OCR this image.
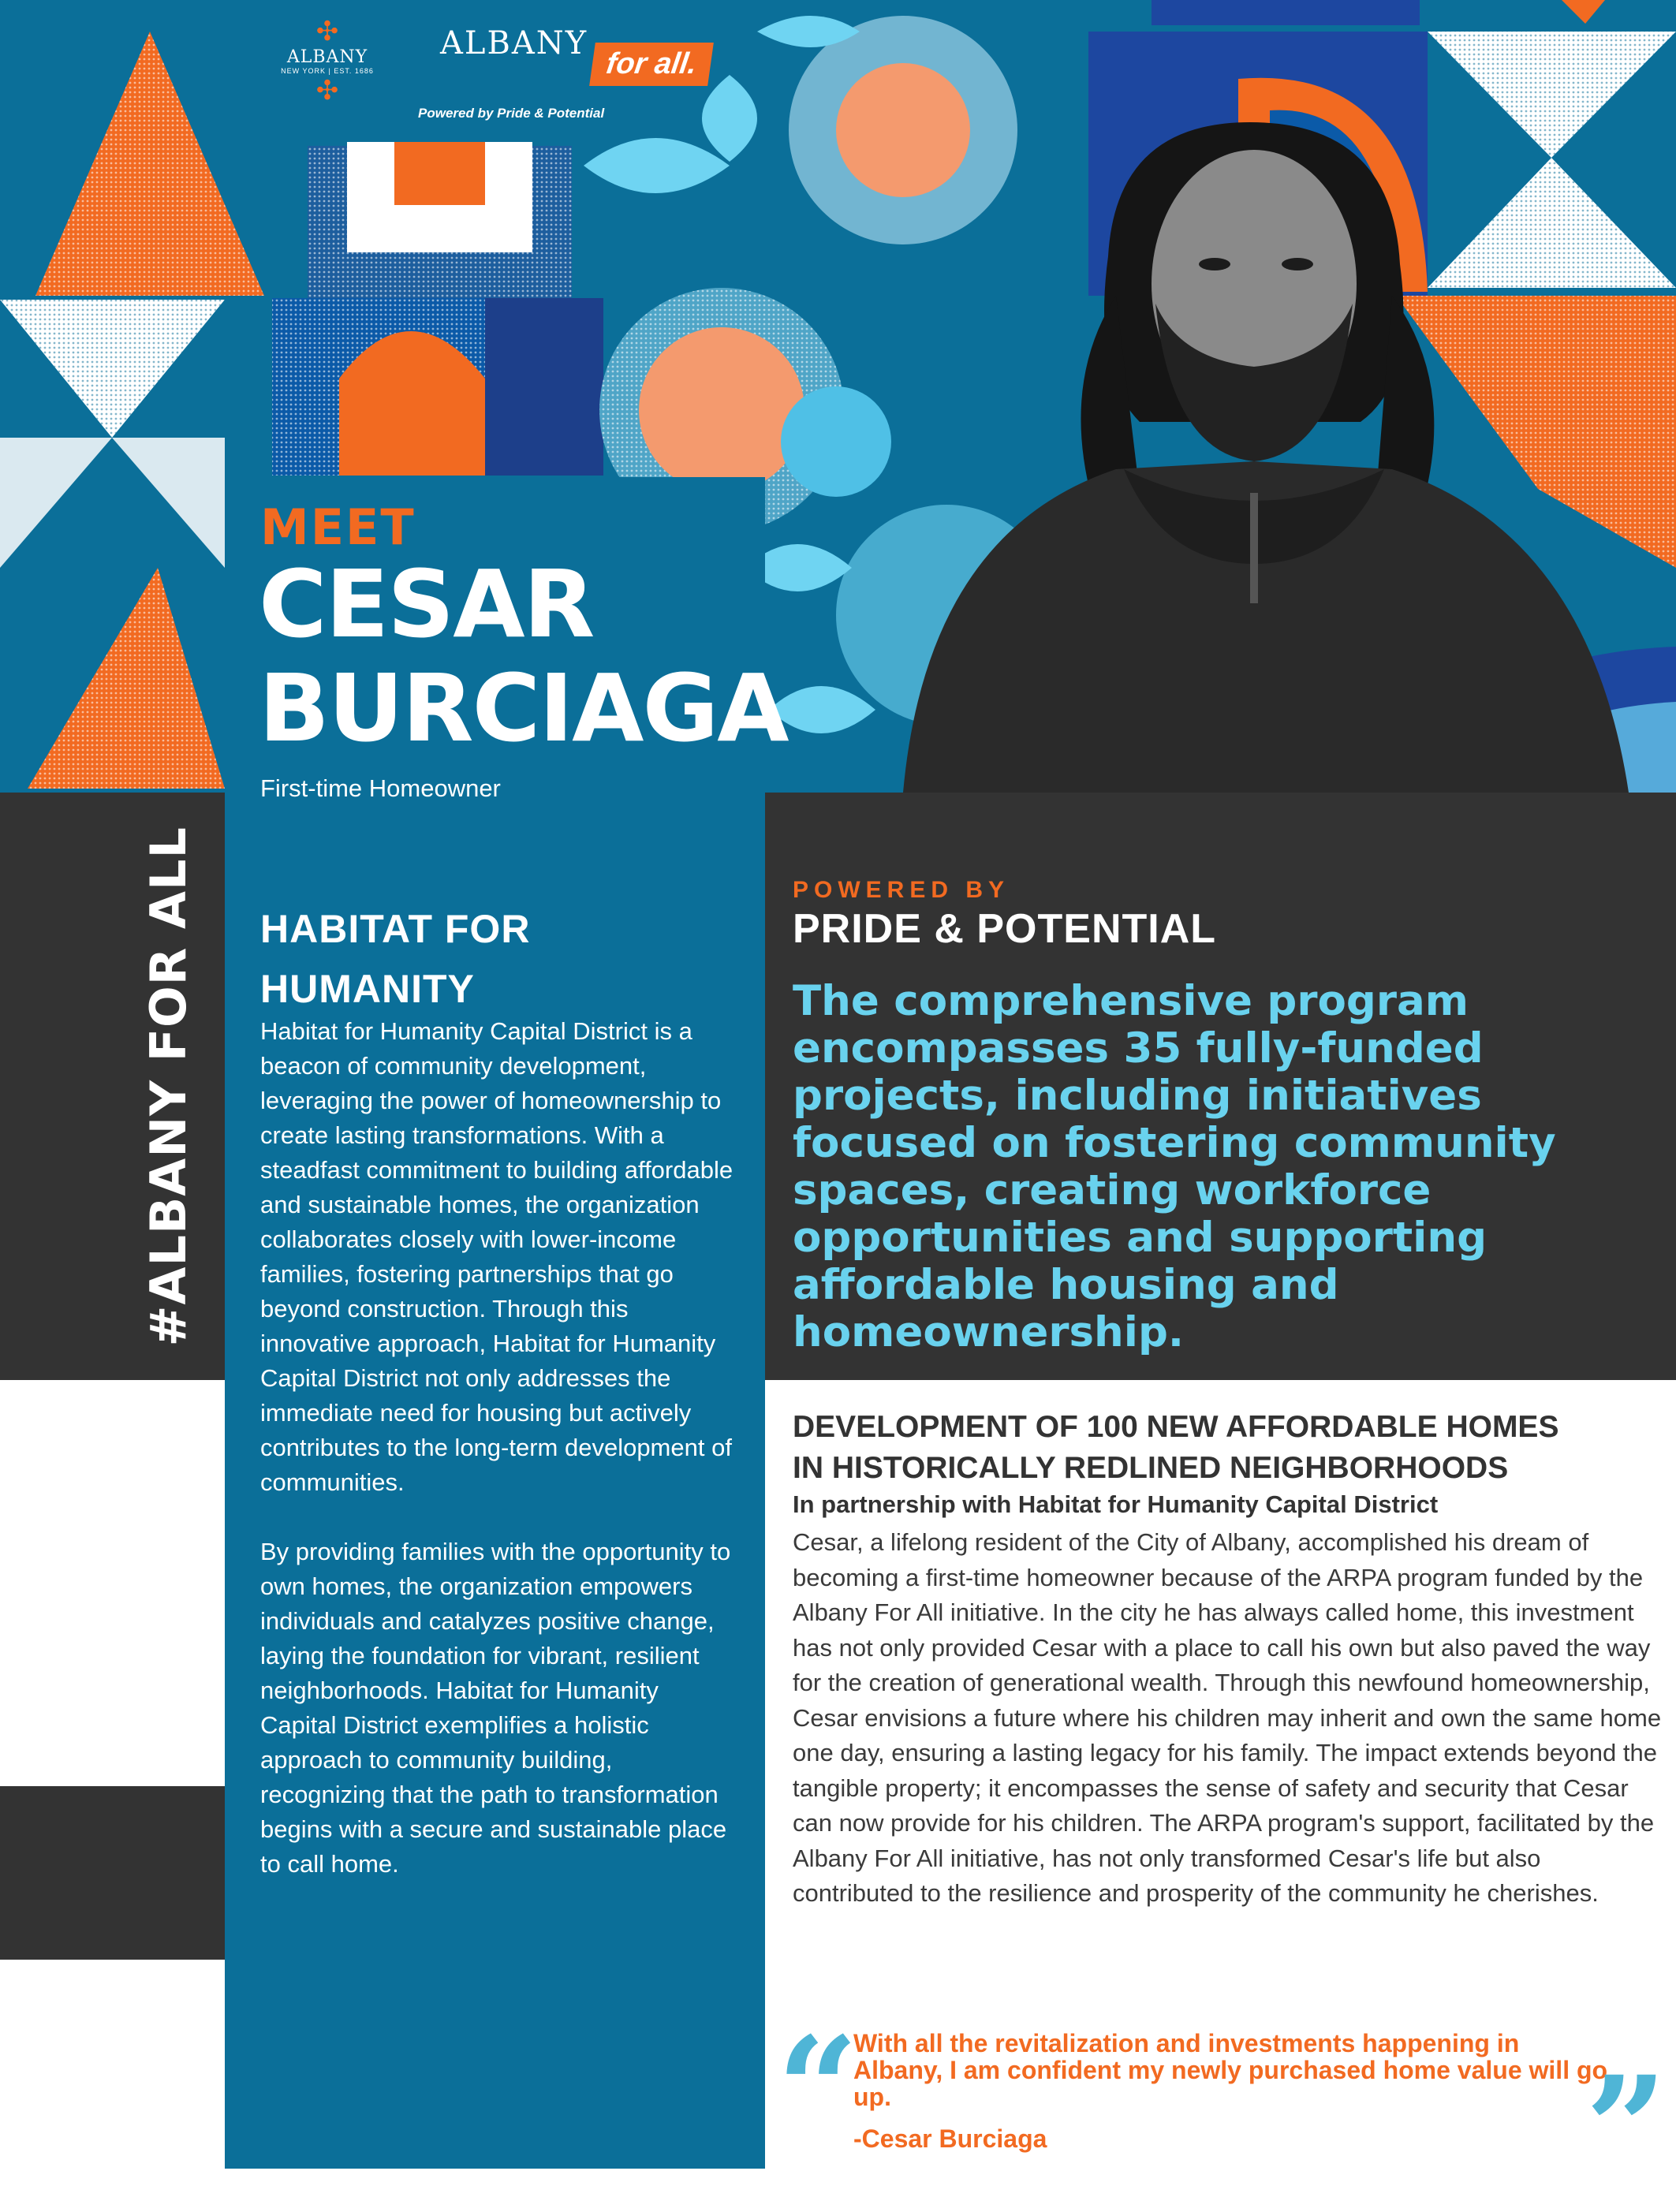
✣
ALBANY
NEW YORK | EST. 1686
✣
ALBANY
for all.
Powered by Pride & Potential
#ALBANY FOR ALL
MEET
CESAR
BURCIAGA
First-time Homeowner
HABITAT FOR
HUMANITY

Habitat for Humanity Capital District is a beacon of community development, leveraging the power of homeownership to create lasting transformations. With a steadfast commitment to building affordable and sustainable homes, the organization collaborates closely with lower-income families, fostering partnerships that go beyond construction. Through this innovative approach, Habitat for Humanity Capital District not only addresses the immediate need for housing but actively contributes to the long-term development of communities.

By providing families with the opportunity to own homes, the organization empowers individuals and catalyzes positive change, laying the foundation for vibrant, resilient neighborhoods. Habitat for Humanity Capital District exemplifies a holistic approach to community building, recognizing that the path to transformation begins with a secure and sustainable place to call home.

POWERED BY
PRIDE & POTENTIAL
The comprehensive program encompasses 35 fully-funded projects, including initiatives focused on fostering community spaces, creating workforce opportunities and supporting affordable housing and homeownership.
DEVELOPMENT OF 100 NEW AFFORDABLE HOMES
IN HISTORICALLY REDLINED NEIGHBORHOODS
In partnership with Habitat for Humanity Capital District
Cesar, a lifelong resident of the City of Albany, accomplished his dream of becoming a first-time homeowner because of the ARPA program funded by the Albany For All initiative. In the city he has always called home, this investment has not only provided Cesar with a place to call his own but also paved the way for the creation of generational wealth. Through this newfound homeownership, Cesar envisions a future where his children may inherit and own the same home one day, ensuring a lasting legacy for his family. The impact extends beyond the tangible property; it encompasses the sense of safety and security that Cesar can now provide for his children. The ARPA program's support, facilitated by the Albany For All initiative, has not only transformed Cesar's life but also contributed to the resilience and prosperity of the community he cherishes.
“
With all the revitalization and investments happening in Albany, I am confident my newly purchased home value will go up.
-Cesar Burciaga	”
